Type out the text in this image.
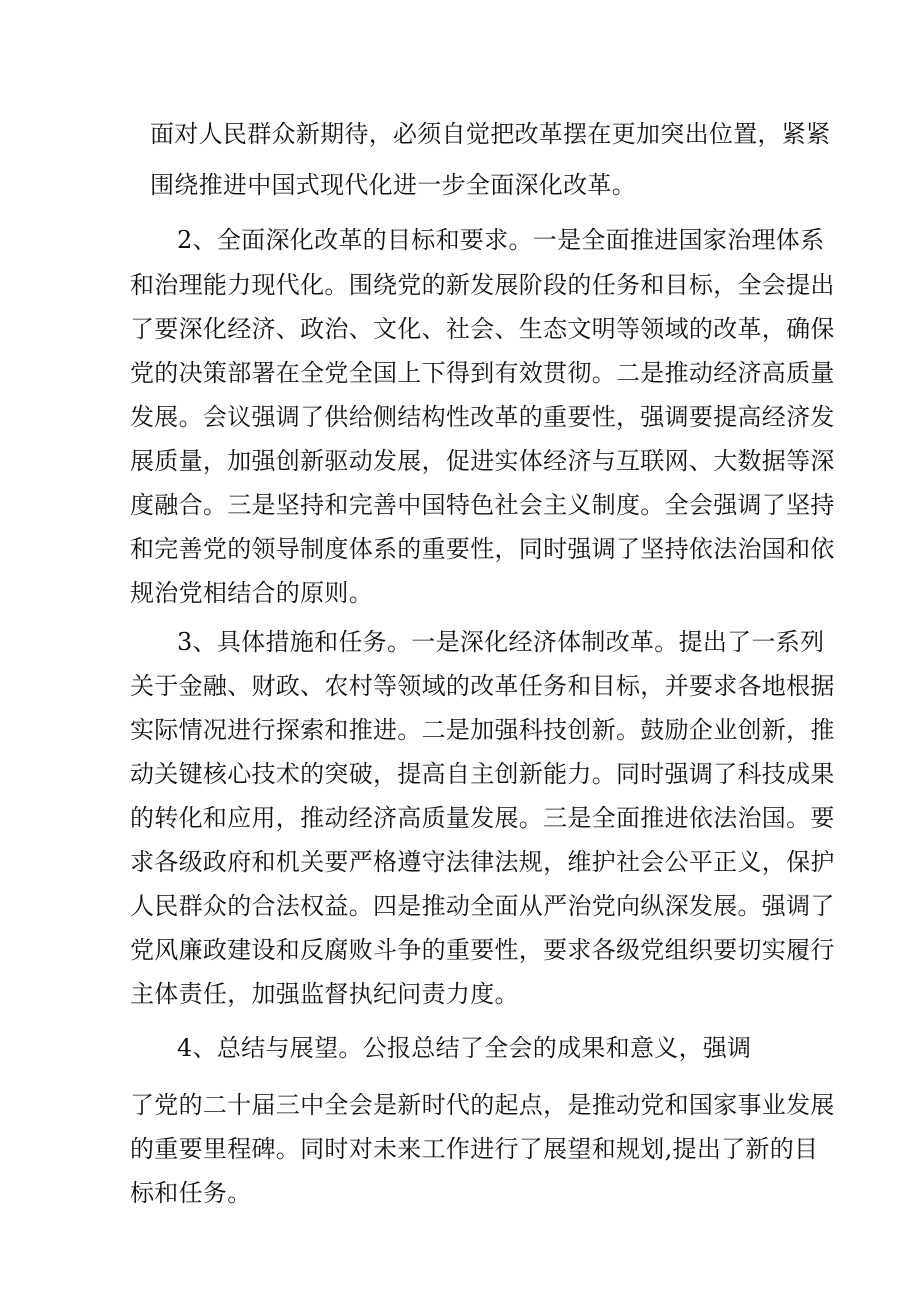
面对人民群众新期待，必须自觉把改革摆在更加突出位置，紧紧
围绕推进中国式现代化进一步全面深化改革。
2、全面深化改革的目标和要求。一是全面推进国家治理体系
和治理能力现代化。围绕党的新发展阶段的任务和目标，全会提出
了要深化经济、政治、文化、社会、生态文明等领域的改革，确保
党的决策部署在全党全国上下得到有效贯彻。二是推动经济高质量
发展。会议强调了供给侧结构性改革的重要性，强调要提高经济发
展质量，加强创新驱动发展，促进实体经济与互联网、大数据等深
度融合。三是坚持和完善中国特色社会主义制度。全会强调了坚持
和完善党的领导制度体系的重要性，同时强调了坚持依法治国和依
规治党相结合的原则。
3、具体措施和任务。一是深化经济体制改革。提出了一系列
关于金融、财政、农村等领域的改革任务和目标，并要求各地根据
实际情况进行探索和推进。二是加强科技创新。鼓励企业创新，推
动关键核心技术的突破，提高自主创新能力。同时强调了科技成果
的转化和应用，推动经济高质量发展。三是全面推进依法治国。要
求各级政府和机关要严格遵守法律法规，维护社会公平正义，保护
人民群众的合法权益。四是推动全面从严治党向纵深发展。强调了
党风廉政建设和反腐败斗争的重要性，要求各级党组织要切实履行
主体责任，加强监督执纪问责力度。
4、总结与展望。公报总结了全会的成果和意义，强调
了党的二十届三中全会是新时代的起点，是推动党和国家事业发展
的重要里程碑。同时对未来工作进行了展望和规划,提出了新的目
标和任务。
